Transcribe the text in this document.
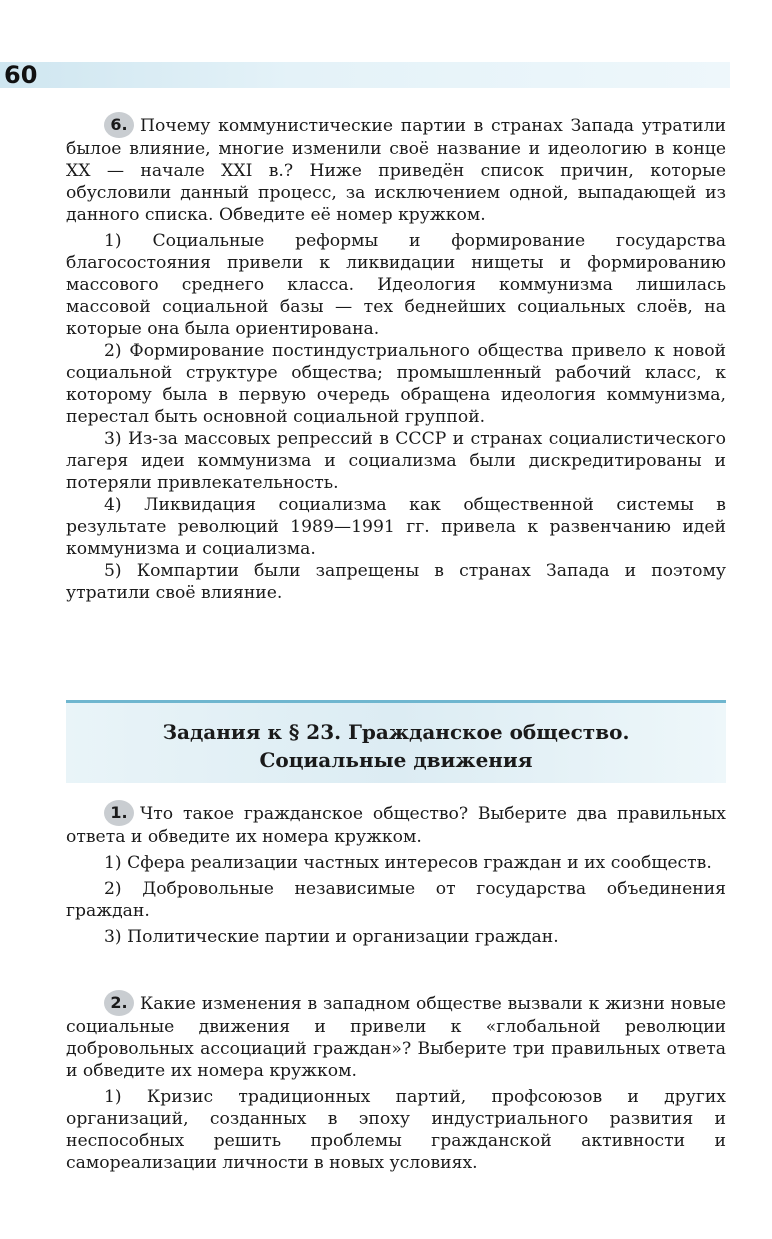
60

6. Почему коммунистические партии в странах Запада утратили былое влияние, многие изменили своё название и идеологию в конце XX — начале XXI в.? Ниже приведён список причин, которые обусловили данный процесс, за исключением одной, выпадающей из данного списка. Обведите её номер кружком.

1) Социальные реформы и формирование государства благосостояния привели к ликвидации нищеты и формированию массового среднего класса. Идеология коммунизма лишилась массовой социальной базы — тех беднейших социальных слоёв, на которые она была ориентирована.

2) Формирование постиндустриального общества привело к новой социальной структуре общества; промышленный рабочий класс, к которому была в первую очередь обращена идеология коммунизма, перестал быть основной социальной группой.

3) Из-за массовых репрессий в СССР и странах социалистического лагеря идеи коммунизма и социализма были дискредитированы и потеряли привлекательность.

4) Ликвидация социализма как общественной системы в результате революций 1989—1991 гг. привела к развенчанию идей коммунизма и социализма.

5) Компартии были запрещены в странах Запада и поэтому утратили своё влияние.

Задания к § 23. Гражданское общество.
Социальные движения

1. Что такое гражданское общество? Выберите два правильных ответа и обведите их номера кружком.

1) Сфера реализации частных интересов граждан и их сообществ.

2) Добровольные независимые от государства объединения граждан.

3) Политические партии и организации граждан.

2. Какие изменения в западном обществе вызвали к жизни новые социальные движения и привели к «глобальной революции добровольных ассоциаций граждан»? Выберите три правильных ответа и обведите их номера кружком.

1) Кризис традиционных партий, профсоюзов и других организаций, созданных в эпоху индустриального развития и неспособных решить проблемы гражданской активности и самореализации личности в новых условиях.
